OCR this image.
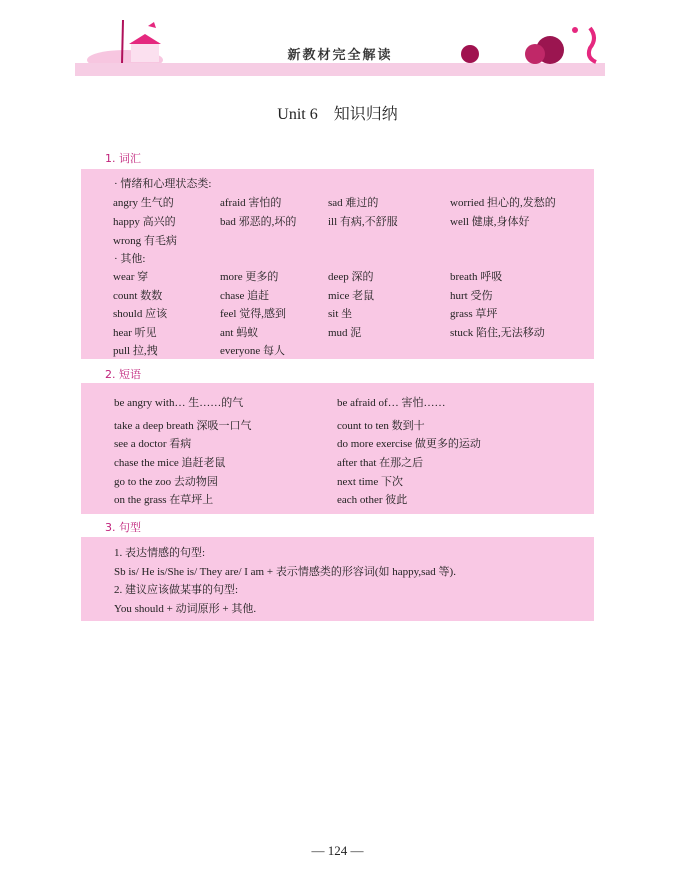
新教材完全解读
Unit 6　知识归纳
1. 词汇
· 情绪和心理状态类:
angry 生气的	afraid 害怕的	sad 难过的	worried 担心的,发愁的
happy 高兴的	bad 邪恶的,坏的	ill 有病,不舒服	well 健康,身体好
wrong 有毛病
· 其他:
wear 穿	more 更多的	deep 深的	breath 呼吸
count 数数	chase 追赶	mice 老鼠	hurt 受伤
should 应该	feel 觉得,感到	sit 坐	grass 草坪
hear 听见	ant 蚂蚁	mud 泥	stuck 陷住,无法移动
pull 拉,拽	everyone 每人
2. 短语
be angry with… 生……的气	be afraid of… 害怕……
take a deep breath 深吸一口气	count to ten 数到十
see a doctor 看病	do more exercise 做更多的运动
chase the mice 追赶老鼠	after that 在那之后
go to the zoo 去动物园	next time 下次
on the grass 在草坪上	each other 彼此
3. 句型
1. 表达情感的句型:
Sb is/ He is/She is/ They are/ I am + 表示情感类的形容词(如 happy,sad 等).
2. 建议应该做某事的句型:
You should + 动词原形 + 其他.
— 124 —
